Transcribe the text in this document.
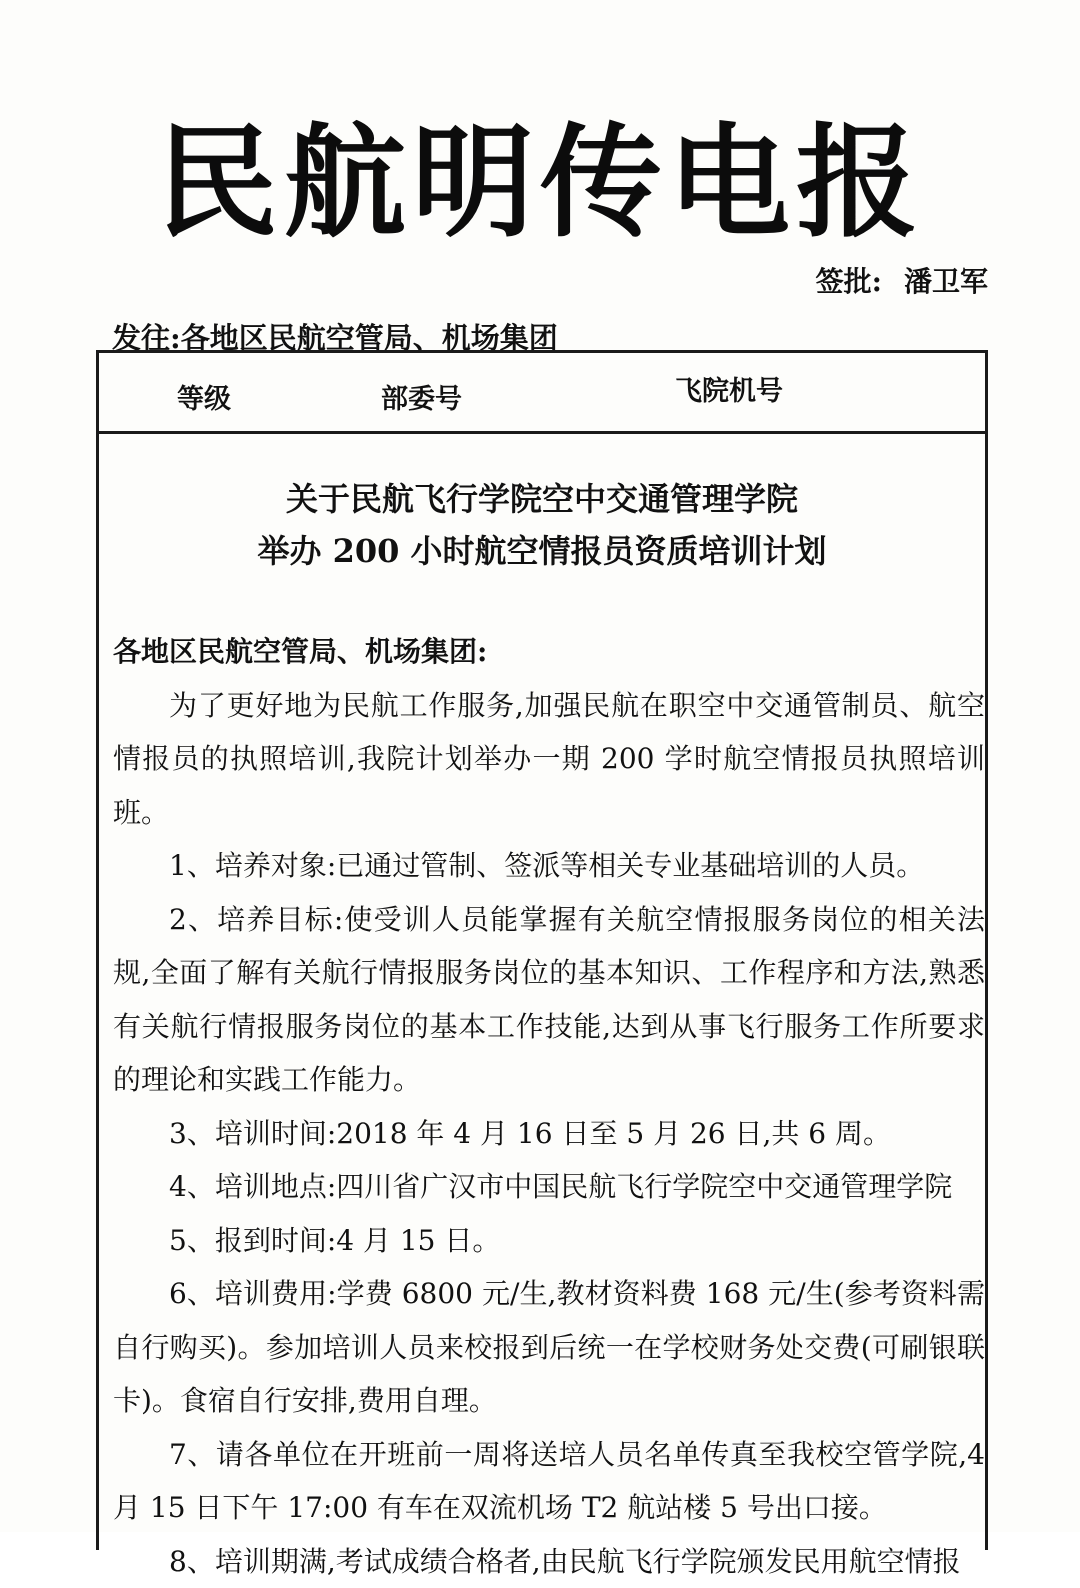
民航明传电报
签批: 潘卫军
发往:各地区民航空管局、机场集团
等级	部委号	飞院机号
关于民航飞行学院空中交通管理学院
举办 200 小时航空情报员资质培训计划

各地区民航空管局、机场集团:

为了更好地为民航工作服务,加强民航在职空中交通管制员、航空情报员的执照培训,我院计划举办一期 200 学时航空情报员执照培训班。

1、培养对象:已通过管制、签派等相关专业基础培训的人员。

2、培养目标:使受训人员能掌握有关航空情报服务岗位的相关法规,全面了解有关航行情报服务岗位的基本知识、工作程序和方法,熟悉有关航行情报服务岗位的基本工作技能,达到从事飞行服务工作所要求的理论和实践工作能力。

3、培训时间:2018 年 4 月 16 日至 5 月 26 日,共 6 周。

4、培训地点:四川省广汉市中国民航飞行学院空中交通管理学院

5、报到时间:4 月 15 日。

6、培训费用:学费 6800 元/生,教材资料费 168 元/生(参考资料需自行购买)。参加培训人员来校报到后统一在学校财务处交费(可刷银联卡)。食宿自行安排,费用自理。

7、请各单位在开班前一周将送培人员名单传真至我校空管学院,4 月 15 日下午 17:00 有车在双流机场 T2 航站楼 5 号出口接。

8、培训期满,考试成绩合格者,由民航飞行学院颁发民用航空情报
